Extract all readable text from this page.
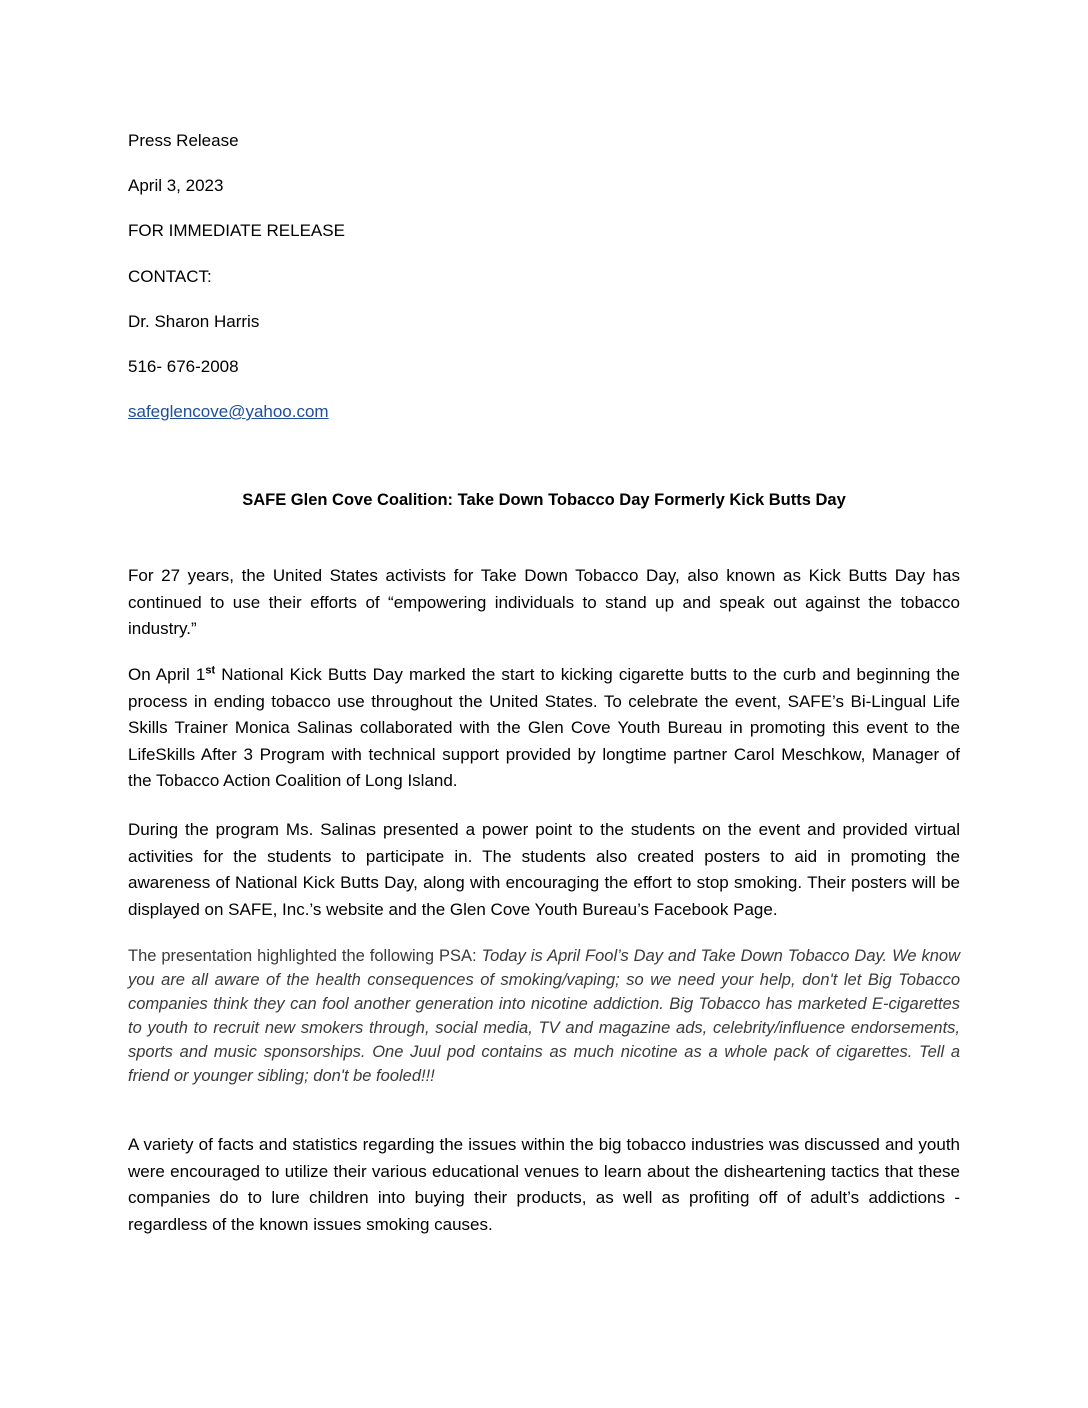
Press Release
April 3, 2023
FOR IMMEDIATE RELEASE
CONTACT:
Dr. Sharon Harris
516- 676-2008
safeglencove@yahoo.com
SAFE Glen Cove Coalition: Take Down Tobacco Day Formerly Kick Butts Day

For 27 years, the United States activists for Take Down Tobacco Day, also known as Kick Butts Day has continued to use their efforts of “empowering individuals to stand up and speak out against the tobacco industry.”

On April 1st National Kick Butts Day marked the start to kicking cigarette butts to the curb and beginning the process in ending tobacco use throughout the United States. To celebrate the event, SAFE’s Bi-Lingual Life Skills Trainer Monica Salinas collaborated with the Glen Cove Youth Bureau in promoting this event to the LifeSkills After 3 Program with technical support provided by longtime partner Carol Meschkow, Manager of the Tobacco Action Coalition of Long Island.

During the program Ms. Salinas presented a power point to the students on the event and provided virtual activities for the students to participate in. The students also created posters to aid in promoting the awareness of National Kick Butts Day, along with encouraging the effort to stop smoking. Their posters will be displayed on SAFE, Inc.’s website and the Glen Cove Youth Bureau’s Facebook Page.

The presentation highlighted the following PSA: Today is April Fool’s Day and Take Down Tobacco Day. We know you are all aware of the health consequences of smoking/vaping; so we need your help, don't let Big Tobacco companies think they can fool another generation into nicotine addiction. Big Tobacco has marketed E-cigarettes to youth to recruit new smokers through, social media, TV and magazine ads, celebrity/influence endorsements, sports and music sponsorships. One Juul pod contains as much nicotine as a whole pack of cigarettes. Tell a friend or younger sibling; don't be fooled!!!

A variety of facts and statistics regarding the issues within the big tobacco industries was discussed and youth were encouraged to utilize their various educational venues to learn about the disheartening tactics that these companies do to lure children into buying their products, as well as profiting off of adult’s addictions -regardless of the known issues smoking causes.
